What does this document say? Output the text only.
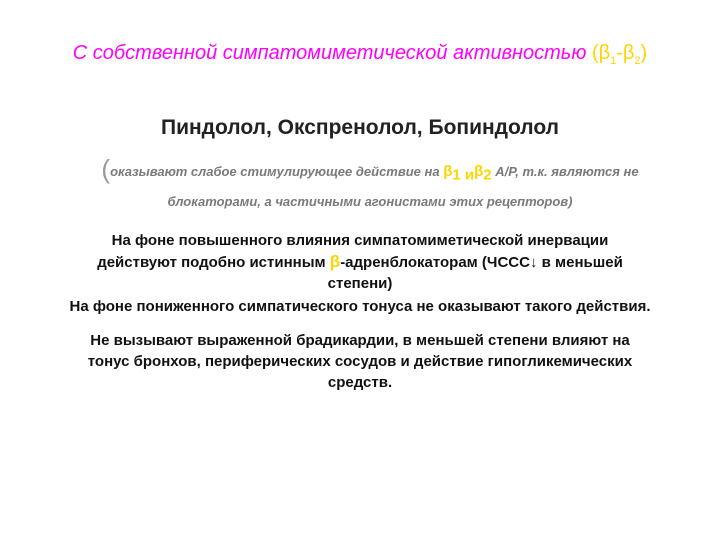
С собственной симпатомиметической активностью $(\beta_1-\beta_2)$
Пиндолол, Окспренолол, Бопиндолол
(оказывают слабое стимулирующее действие на $\beta_{1 и}\beta_2$ А/Р, т.к. являются не
блокаторами, а частичными агонистами этих рецепторов)
На фоне повышенного влияния симпатомиметической инервации
действуют подобно истинным β-адренблокаторам (ЧССС↓ в меньшей
степени)
На фоне пониженного симпатического тонуса не оказывают такого действия.
Не вызывают выраженной брадикардии, в меньшей степени влияют на
тонус бронхов, периферических сосудов и действие гипогликемических
средств.
